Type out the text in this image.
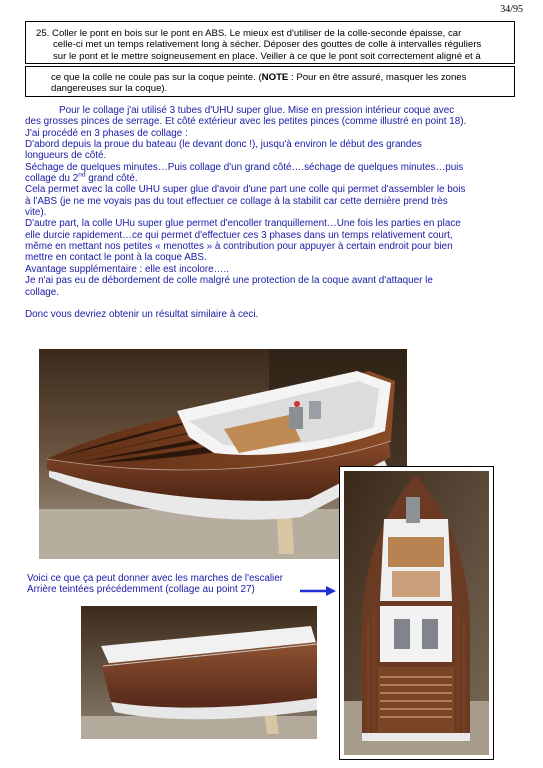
34/95
25. Coller le pont en bois sur le pont en ABS. Le mieux est d'utiliser de la colle-seconde épaisse, car
celle-ci met un temps relativement long à sécher. Déposer des gouttes de colle à intervalles réguliers
sur le pont et le mettre soigneusement en place. Veiller à ce que le pont soit correctement aligné et à
ce que la colle ne coule pas sur la coque peinte. (NOTE : Pour en être assuré, masquer les zones
dangereuses sur la coque).

Pour le collage j'ai utilisé 3 tubes d'UHU super glue. Mise en pression intérieur coque avec

des grosses pinces de serrage. Et côté extérieur avec les petites pinces (comme illustré en point 18).

J'ai procédé en 3 phases de collage :

D'abord depuis la proue du bateau (le devant donc !), jusqu'à environ le début des grandes

longueurs de côté.

Séchage de quelques minutes…Puis collage d'un grand côté….séchage de quelques minutes…puis

collage du 2nd grand côté.

Cela permet avec la colle UHU super glue d'avoir d'une part une colle qui permet d'assembler le bois

à l'ABS (je ne me voyais pas du tout effectuer ce collage à la stabilit car cette dernière prend très

vite).

D'autre part, la colle UHu super glue permet d'encoller tranquillement…Une fois les parties en place

elle durcie rapidement…ce qui permet d'effectuer ces 3 phases dans un temps relativement court,

même en mettant nos petites « menottes » à contribution pour appuyer à certain endroit pour bien

mettre en contact le pont à la coque ABS.

Avantage supplémentaire : elle est incolore…..

Je n'ai pas eu de débordement de colle malgré une protection de la coque avant d'attaquer le

collage.

Donc vous devriez obtenir un résultat similaire à ceci.

Voici ce que ça peut donner avec les marches de l'escalier
Arrière teintées précédemment (collage au point 27)
